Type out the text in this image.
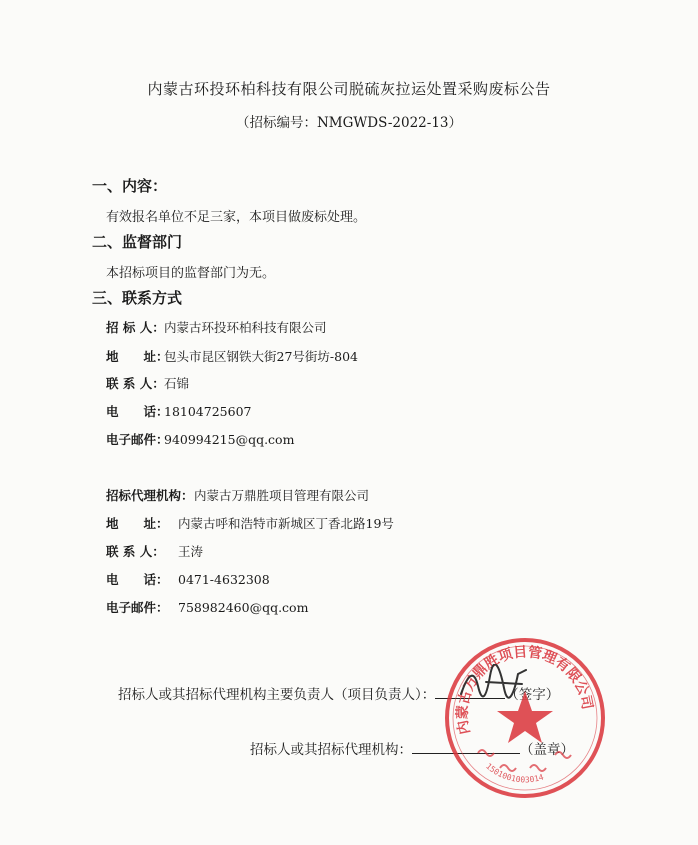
内蒙古环投环柏科技有限公司脱硫灰拉运处置采购废标公告
（招标编号：NMGWDS-2022-13）
一、内容：
有效报名单位不足三家，本项目做废标处理。
二、监督部门
本招标项目的监督部门为无。
三、联系方式
招 标 人：内蒙古环投环柏科技有限公司
地　　址：包头市昆区钢铁大街27号街坊-804
联 系 人：石锦
电　　话：18104725607
电子邮件：940994215@qq.com
招标代理机构：内蒙古万鼎胜项目管理有限公司
地　　址： 内蒙古呼和浩特市新城区丁香北路19号
联 系 人： 王涛
电　　话： 0471-4632308
电子邮件： 758982460@qq.com
招标人或其招标代理机构主要负责人（项目负责人）：	（签字）
招标人或其招标代理机构：	（盖章）
内蒙古万鼎胜项目管理有限公司
1501001003014
